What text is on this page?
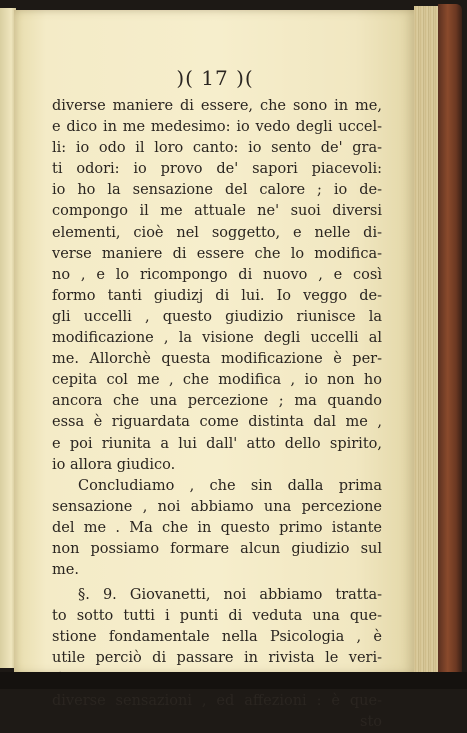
)( 17 )(
diverse maniere di essere, che sono in me,
e dico in me medesimo: io vedo degli uccel-
li: io odo il loro canto: io sento de' gra-
ti odori: io provo de' sapori piacevoli:
io ho la sensazione del calore ; io de-
compongo il me attuale ne' suoi diversi
elementi, cioè nel soggetto, e nelle di-
verse maniere di essere che lo modifica-
no , e lo ricompongo di nuovo , e così
formo tanti giudizj di lui. Io veggo de-
gli uccelli , questo giudizio riunisce la
modificazione , la visione degli uccelli al
me. Allorchè questa modificazione è per-
cepita col me , che modifica , io non ho
ancora che una percezione ; ma quando
essa è riguardata come distinta dal me ,
e poi riunita a lui dall' atto dello spirito,
io allora giudico.
Concludiamo , che sin dalla prima
sensazione , noi abbiamo una percezione
del me . Ma che in questo primo istante
non possiamo formare alcun giudizio sul
me.
§. 9. Giovanetti, noi abbiamo tratta-
to sotto tutti i punti di veduta una que-
stione fondamentale nella Psicologia , è
utile perciò di passare in rivista le veri-
diverse sensazioni , ed affezioni : è que-
sto
